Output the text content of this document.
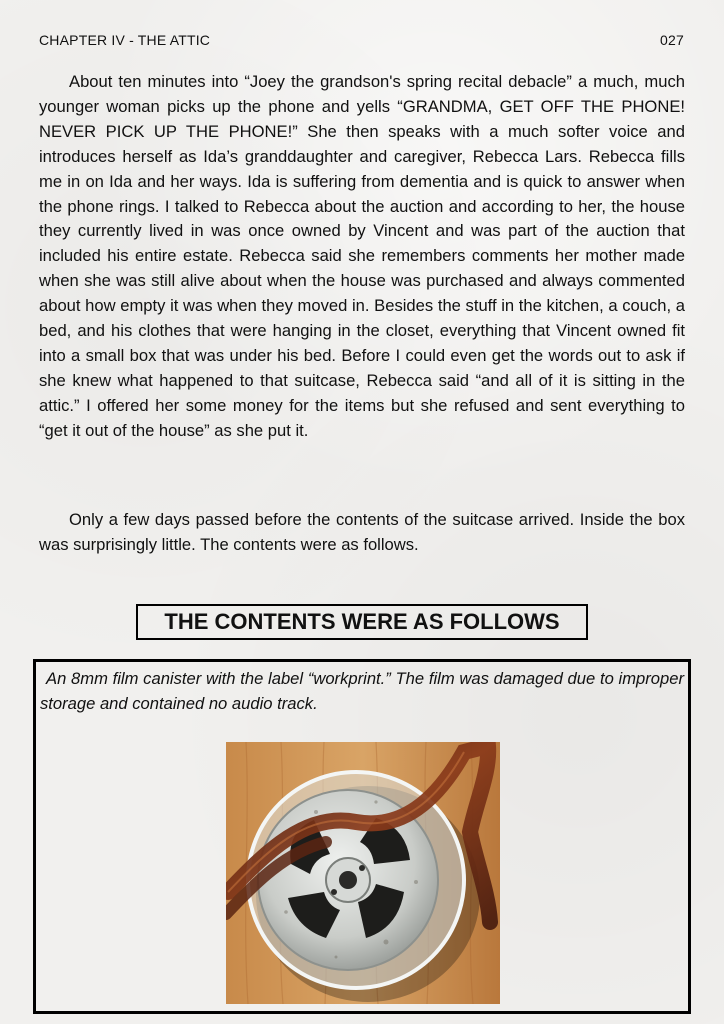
CHAPTER IV - THE ATTIC	027

About ten minutes into “Joey the grandson's spring recital debacle” a much, much younger woman picks up the phone and yells “GRANDMA, GET OFF THE PHONE! NEVER PICK UP THE PHONE!” She then speaks with a much softer voice and introduces herself as Ida’s granddaughter and caregiver, Rebecca Lars. Rebecca fills me in on Ida and her ways. Ida is suffering from dementia and is quick to answer when the phone rings. I talked to Rebecca about the auction and according to her, the house they currently lived in was once owned by Vincent and was part of the auction that included his entire estate. Rebecca said she remembers comments her mother made when she was still alive about when the house was purchased and always commented about how empty it was when they moved in. Besides the stuff in the kitchen, a couch, a bed, and his clothes that were hanging in the closet, everything that Vincent owned fit into a small box that was under his bed. Before I could even get the words out to ask if she knew what happened to that suitcase, Rebecca said “and all of it is sitting in the attic.” I offered her some money for the items but she refused and sent everything to “get it out of the house” as she put it.

Only a few days passed before the contents of the suitcase arrived. Inside the box was surprisingly little. The contents were as follows.

THE CONTENTS WERE AS FOLLOWS

An 8mm film canister with the label “workprint.” The film was damaged due to improper storage and contained no audio track.
